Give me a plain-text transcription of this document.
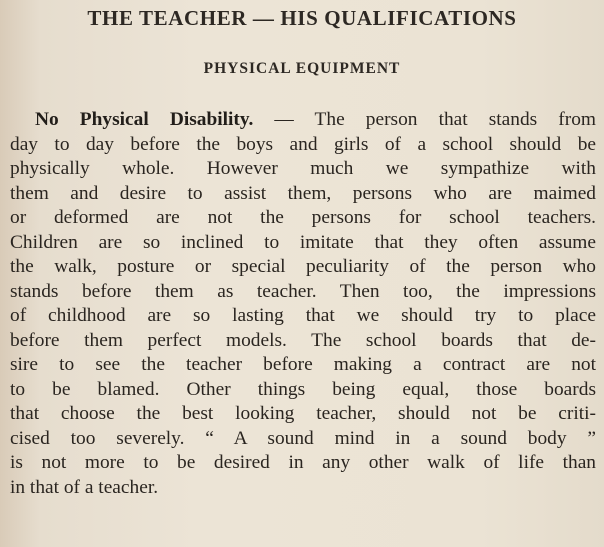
THE TEACHER — HIS QUALIFICATIONS
PHYSICAL EQUIPMENT
No Physical Disability. — The person that stands from
day to day before the boys and girls of a school should be
physically whole. However much we sympathize with
them and desire to assist them, persons who are maimed
or deformed are not the persons for school teachers.
Children are so inclined to imitate that they often assume
the walk, posture or special peculiarity of the person who
stands before them as teacher. Then too, the impressions
of childhood are so lasting that we should try to place
before them perfect models. The school boards that de-
sire to see the teacher before making a contract are not
to be blamed. Other things being equal, those boards
that choose the best looking teacher, should not be criti-
cised too severely. “ A sound mind in a sound body ”
is not more to be desired in any other walk of life than
in that of a teacher.
